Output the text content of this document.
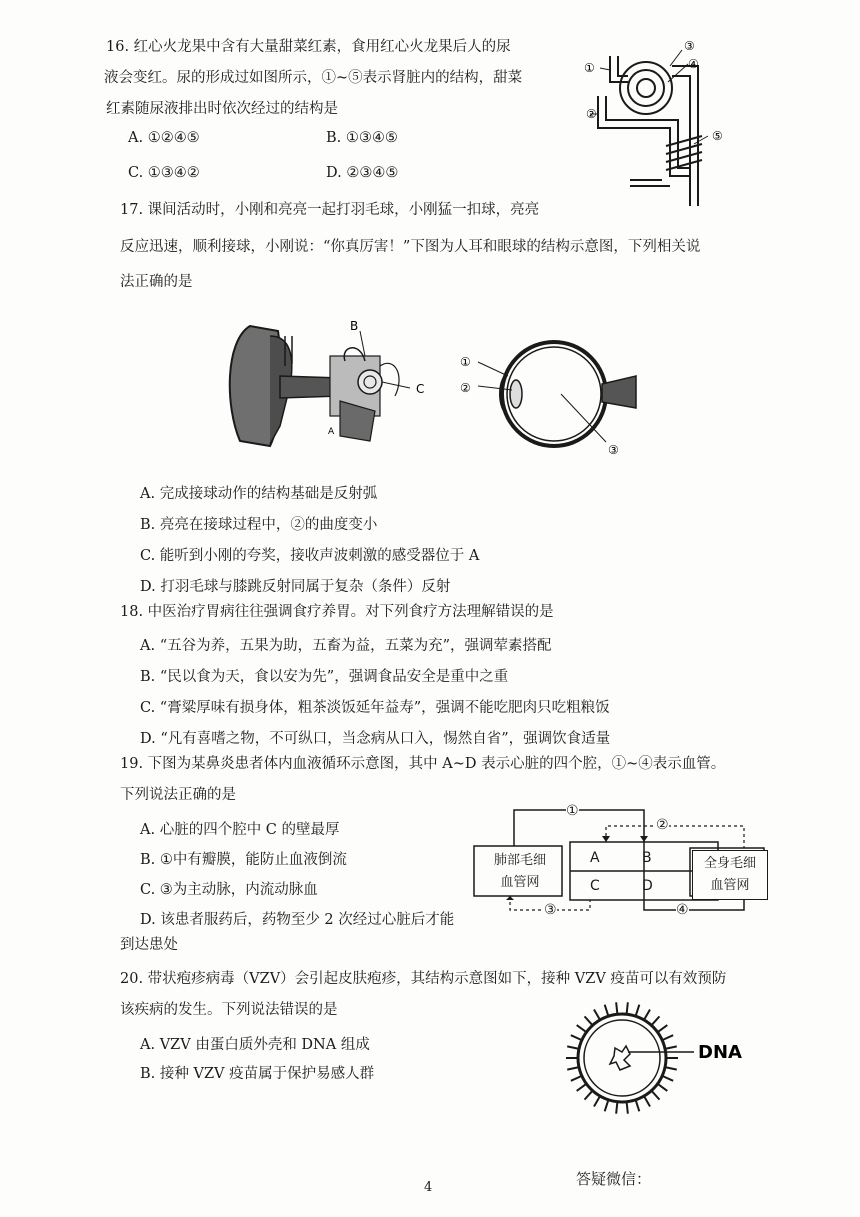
16. 红心火龙果中含有大量甜菜红素，食用红心火龙果后人的尿
液会变红。尿的形成过如图所示，①~⑤表示肾脏内的结构，甜菜
红素随尿液排出时依次经过的结构是
A. ①②④⑤	B. ①③④⑤
C. ①③④②	D. ②③④⑤
①
②
③
④
⑤
17. 课间活动时，小刚和亮亮一起打羽毛球，小刚猛一扣球，亮亮
反应迅速，顺利接球，小刚说：“你真厉害！”下图为人耳和眼球的结构示意图，下列相关说
法正确的是
B
C
A
①
②
③
A. 完成接球动作的结构基础是反射弧
B. 亮亮在接球过程中，②的曲度变小
C. 能听到小刚的夸奖，接收声波刺激的感受器位于 A
D. 打羽毛球与膝跳反射同属于复杂（条件）反射
18. 中医治疗胃病往往强调食疗养胃。对下列食疗方法理解错误的是
A. “五谷为养，五果为助，五畜为益，五菜为充”，强调荤素搭配
B. “民以食为天，食以安为先”，强调食品安全是重中之重
C. “膏粱厚味有损身体，粗茶淡饭延年益寿”，强调不能吃肥肉只吃粗粮饭
D. “凡有喜嗜之物，不可纵口，当念病从口入，惕然自省”，强调饮食适量
19. 下图为某鼻炎患者体内血液循环示意图，其中 A~D 表示心脏的四个腔，①~④表示血管。
下列说法正确的是
A. 心脏的四个腔中 C 的壁最厚
B. ①中有瓣膜，能防止血液倒流
C. ③为主动脉，内流动脉血
D. 该患者服药后，药物至少 2 次经过心脏后才能
到达患处
肺部毛细
血管网
全身毛细
血管网
A	B
C	D
①
②
③	④
20. 带状疱疹病毒（VZV）会引起皮肤疱疹，其结构示意图如下，接种 VZV 疫苗可以有效预防
该疾病的发生。下列说法错误的是
A. VZV 由蛋白质外壳和 DNA 组成
B. 接种 VZV 疫苗属于保护易感人群
DNA
4	答疑微信：
